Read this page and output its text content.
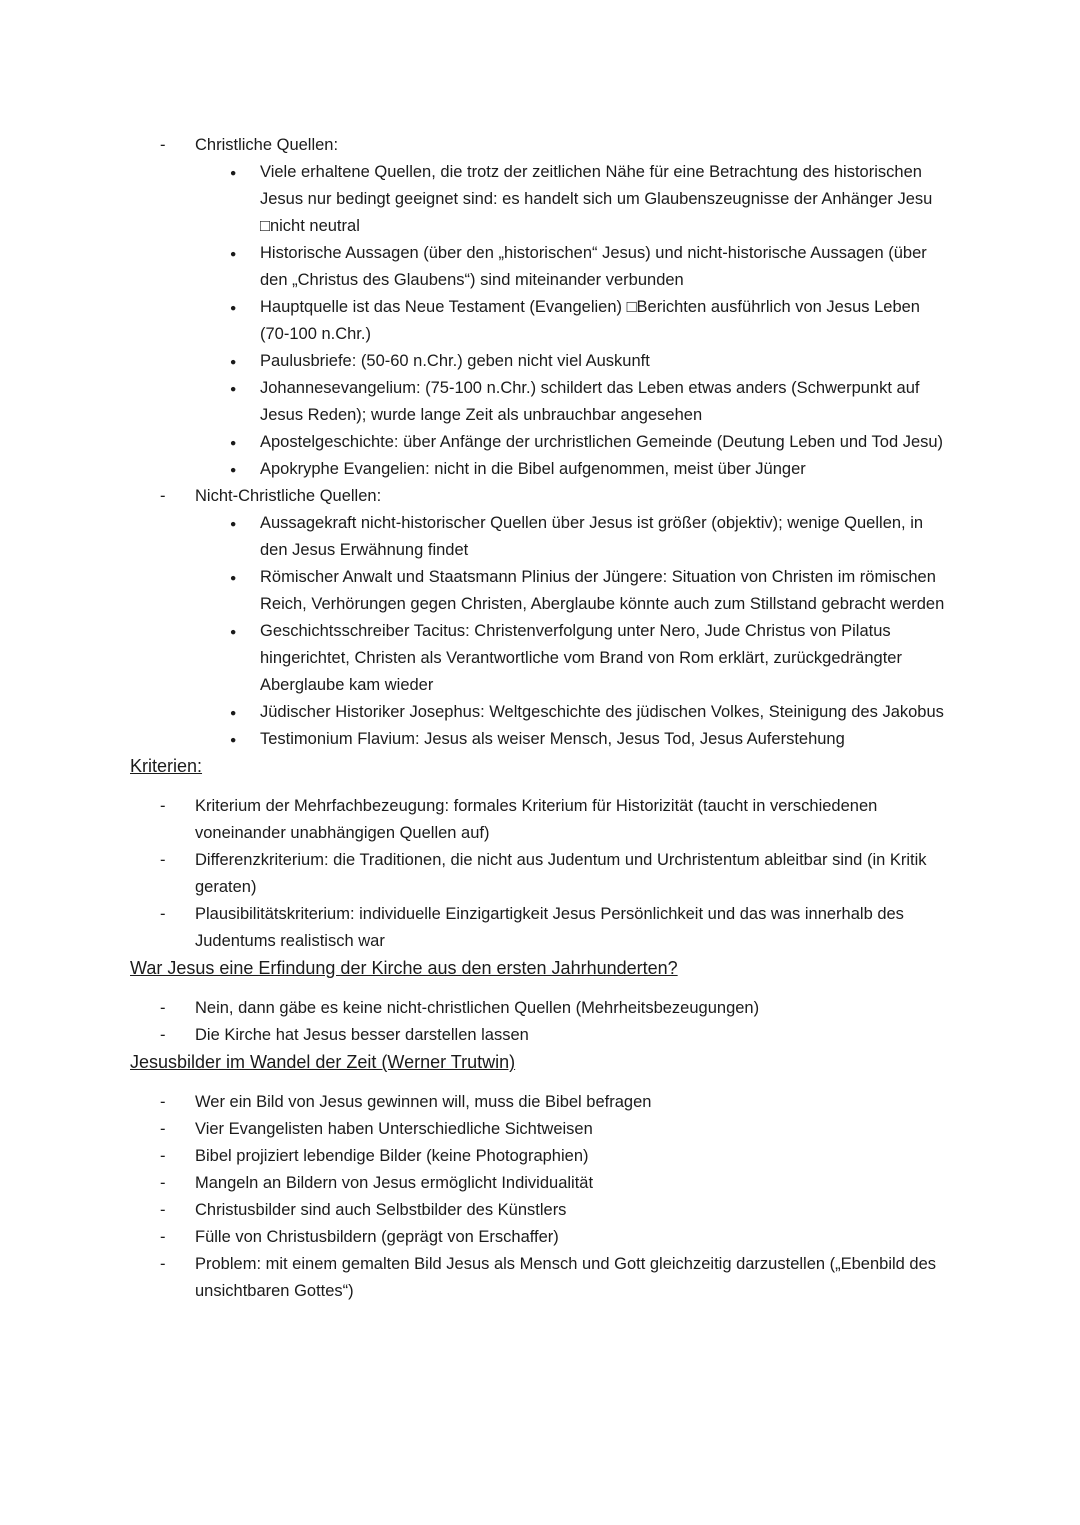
- Christliche Quellen:
● Viele erhaltene Quellen, die trotz der zeitlichen Nähe für eine Betrachtung des historischen Jesus nur bedingt geeignet sind: es handelt sich um Glaubenszeugnisse der Anhänger Jesu □nicht neutral
● Historische Aussagen (über den „historischen“ Jesus) und nicht-historische Aussagen (über den „Christus des Glaubens“) sind miteinander verbunden
● Hauptquelle ist das Neue Testament (Evangelien) □Berichten ausführlich von Jesus Leben (70-100 n.Chr.)
● Paulusbriefe: (50-60 n.Chr.) geben nicht viel Auskunft
● Johannesevangelium: (75-100 n.Chr.) schildert das Leben etwas anders (Schwerpunkt auf Jesus Reden); wurde lange Zeit als unbrauchbar angesehen
● Apostelgeschichte: über Anfänge der urchristlichen Gemeinde (Deutung Leben und Tod Jesu)
● Apokryphe Evangelien: nicht in die Bibel aufgenommen, meist über Jünger
- Nicht-Christliche Quellen:
● Aussagekraft nicht-historischer Quellen über Jesus ist größer (objektiv); wenige Quellen, in den Jesus Erwähnung findet
● Römischer Anwalt und Staatsmann Plinius der Jüngere: Situation von Christen im römischen Reich, Verhörungen gegen Christen, Aberglaube könnte auch zum Stillstand gebracht werden
● Geschichtsschreiber Tacitus: Christenverfolgung unter Nero, Jude Christus von Pilatus hingerichtet, Christen als Verantwortliche vom Brand von Rom erklärt, zurückgedrängter Aberglaube kam wieder
● Jüdischer Historiker Josephus: Weltgeschichte des jüdischen Volkes, Steinigung des Jakobus
● Testimonium Flavium: Jesus als weiser Mensch, Jesus Tod, Jesus Auferstehung
Kriterien:
- Kriterium der Mehrfachbezeugung: formales Kriterium für Historizität (taucht in verschiedenen voneinander unabhängigen Quellen auf)
- Differenzkriterium: die Traditionen, die nicht aus Judentum und Urchristentum ableitbar sind (in Kritik geraten)
- Plausibilitätskriterium: individuelle Einzigartigkeit Jesus Persönlichkeit und das was innerhalb des Judentums realistisch war
War Jesus eine Erfindung der Kirche aus den ersten Jahrhunderten?
- Nein, dann gäbe es keine nicht-christlichen Quellen (Mehrheitsbezeugungen)
- Die Kirche hat Jesus besser darstellen lassen
Jesusbilder im Wandel der Zeit (Werner Trutwin)
- Wer ein Bild von Jesus gewinnen will, muss die Bibel befragen
- Vier Evangelisten haben Unterschiedliche Sichtweisen
- Bibel projiziert lebendige Bilder (keine Photographien)
- Mangeln an Bildern von Jesus ermöglicht Individualität
- Christusbilder sind auch Selbstbilder des Künstlers
- Fülle von Christusbildern (geprägt von Erschaffer)
- Problem: mit einem gemalten Bild Jesus als Mensch und Gott gleichzeitig darzustellen („Ebenbild des unsichtbaren Gottes“)
